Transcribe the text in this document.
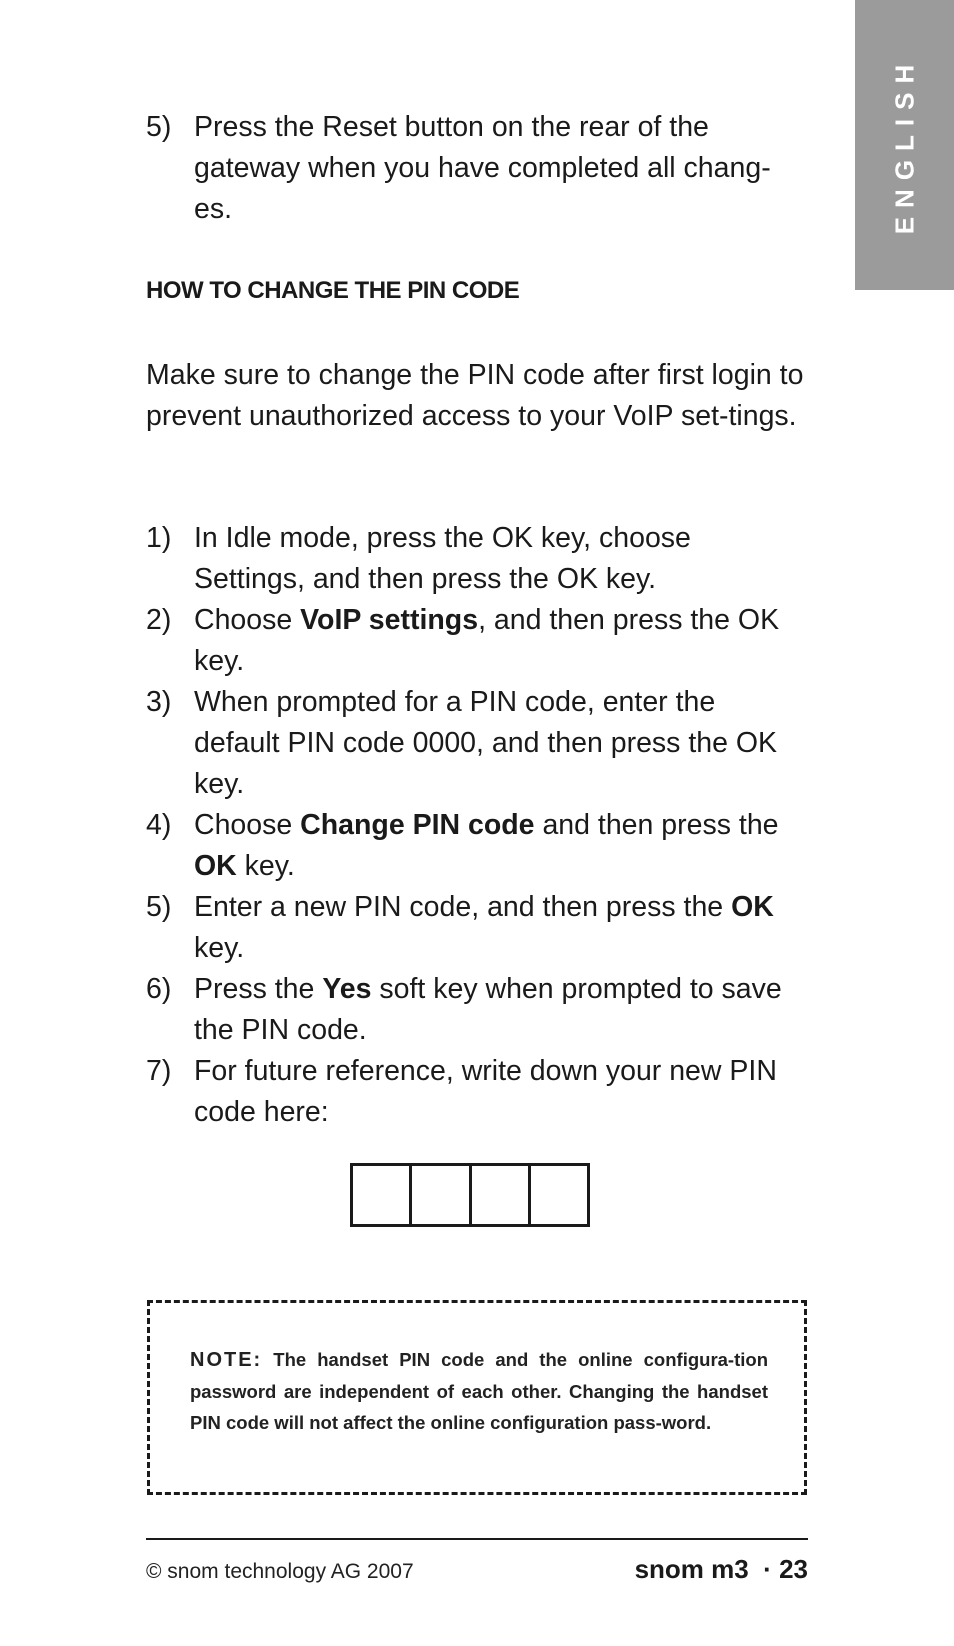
ENGLISH
5) Press the Reset button on the rear of the gateway when you have completed all chang-es.
HOW TO CHANGE THE PIN CODE

Make sure to change the PIN code after first login to prevent unauthorized access to your VoIP set-tings.

1) In Idle mode, press the OK key, choose Settings, and then press the OK key.
2) Choose VoIP settings, and then press the OK key.
3) When prompted for a PIN code, enter the default PIN code 0000, and then press the OK key.
4) Choose Change PIN code and then press the OK key.
5) Enter a new PIN code, and then press the OK key.
6) Press the Yes soft key when prompted to save the PIN code.
7) For future reference, write down your new PIN code here:
NOTE: The handset PIN code and the online configura-tion password are independent of each other. Changing the handset PIN code will not affect the online configuration pass-word.
© snom technology AG 2007	snom m3 · 23
